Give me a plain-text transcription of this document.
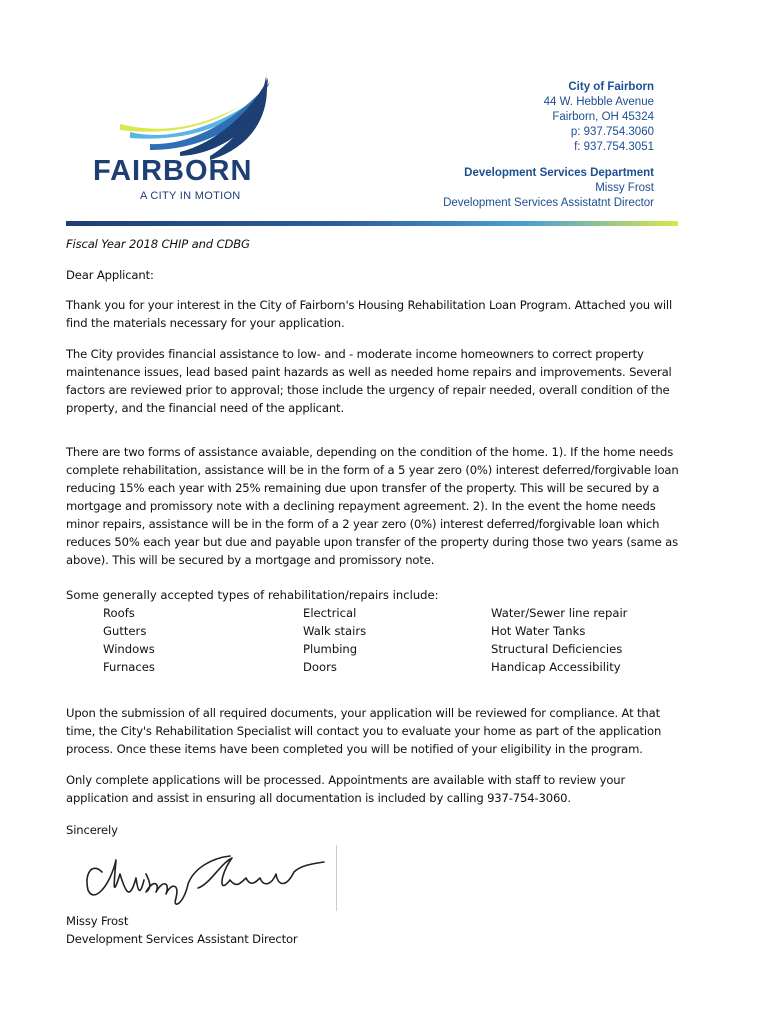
FAIRBORN
A CITY IN MOTION
City of Fairborn
44 W. Hebble Avenue
Fairborn, OH 45324
p: 937.754.3060
f: 937.754.3051
Development Services Department
Missy Frost
Development Services Assistatnt Director
Fiscal Year 2018 CHIP and CDBG
Dear Applicant:
Thank you for your interest in the City of Fairborn's Housing Rehabilitation Loan Program. Attached you will find the materials necessary for your application.
The City provides financial assistance to low- and - moderate income homeowners to correct property maintenance issues, lead based paint hazards as well as needed home repairs and improvements. Several factors are reviewed prior to approval; those include the urgency of repair needed, overall condition of the property, and the financial need of the applicant.
There are two forms of assistance avaiable, depending on the condition of the home. 1). If the home needs complete rehabilitation, assistance will be in the form of a 5 year zero (0%) interest deferred/forgivable loan reducing 15% each year with 25% remaining due upon transfer of the property. This will be secured by a mortgage and promissory note with a declining repayment agreement. 2). In the event the home needs minor repairs, assistance will be in the form of a 2 year zero (0%) interest deferred/forgivable loan which reduces 50% each year but due and payable upon transfer of the property during those two years (same as above). This will be secured by a mortgage and promissory note.
Some generally accepted types of rehabilitation/repairs include:
Roofs
Gutters
Windows
Furnaces
Electrical
Walk stairs
Plumbing
Doors
Water/Sewer line repair
Hot Water Tanks
Structural Deficiencies
Handicap Accessibility
Upon the submission of all required documents, your application will be reviewed for compliance. At that time, the City's Rehabilitation Specialist will contact you to evaluate your home as part of the application process. Once these items have been completed you will be notified of your eligibility in the program.
Only complete applications will be processed. Appointments are available with staff to review your application and assist in ensuring all documentation is included by calling 937-754-3060.
Sincerely
Missy Frost
Development Services Assistant Director
